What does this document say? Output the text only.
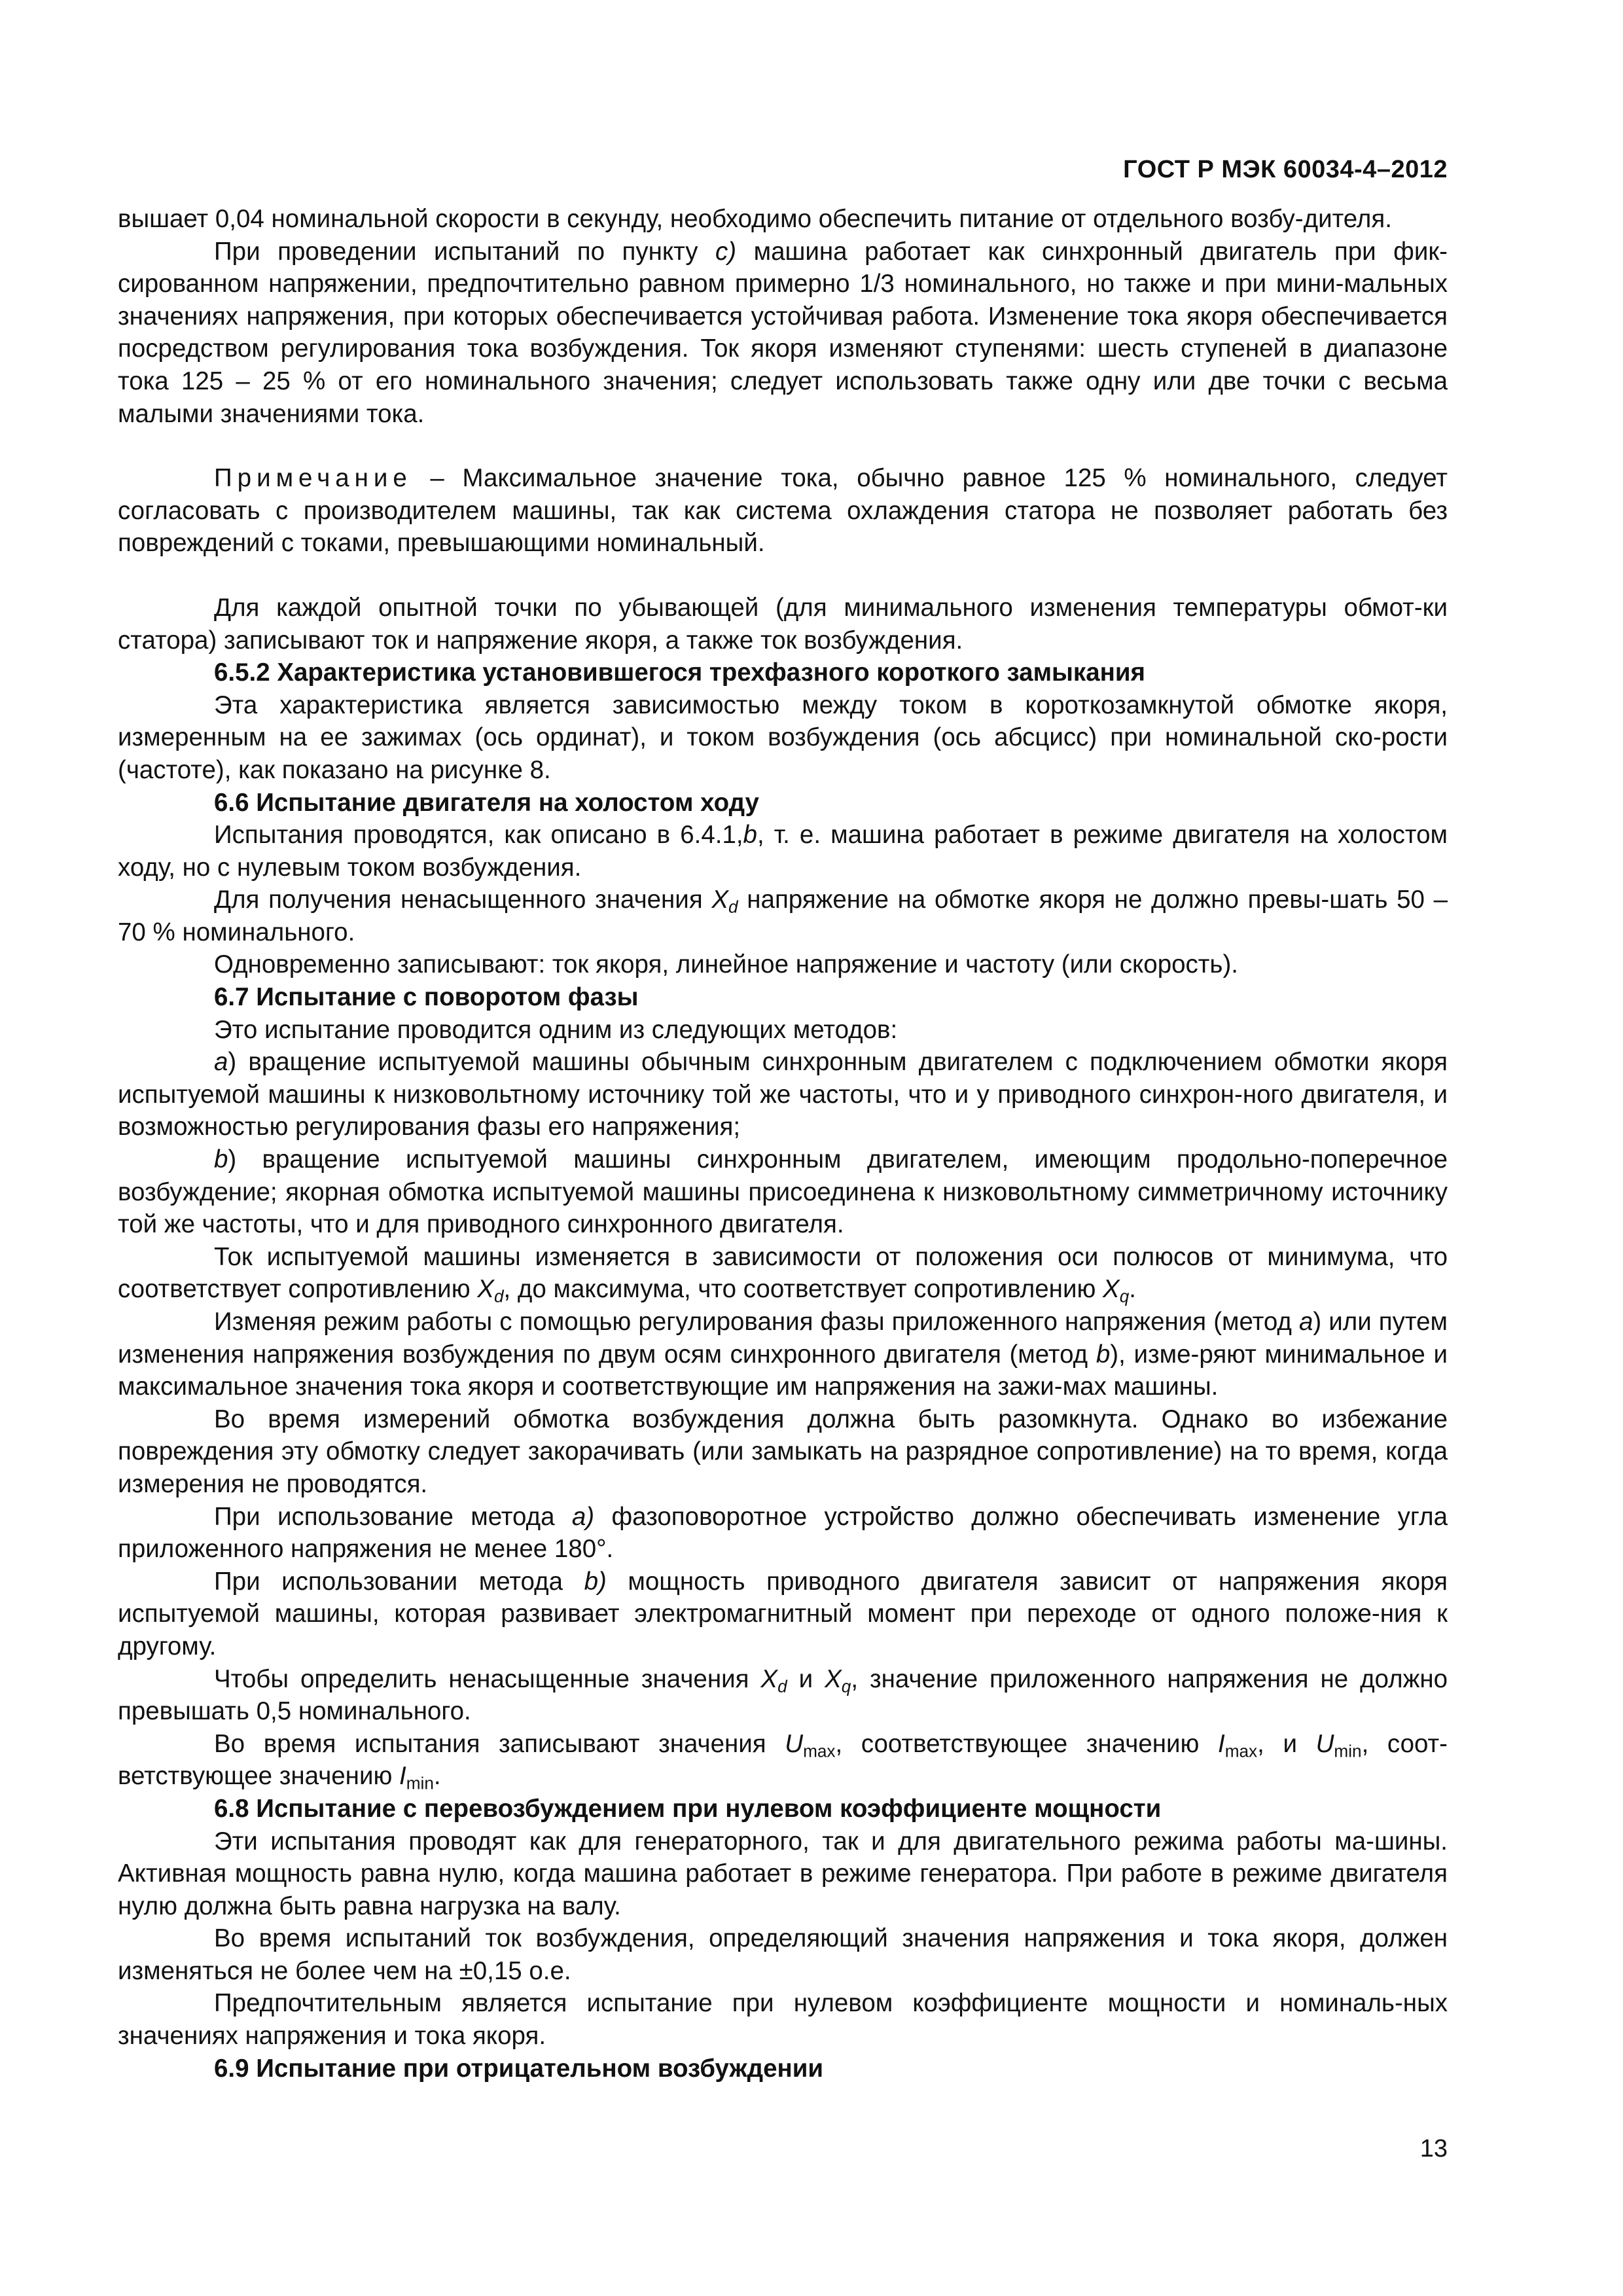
ГОСТ Р МЭК 60034-4–2012

вышает 0,04 номинальной скорости в секунду, необходимо обеспечить питание от отдельного возбу-дителя.

При проведении испытаний по пункту c) машина работает как синхронный двигатель при фик-сированном напряжении, предпочтительно равном примерно 1/3 номинального, но также и при мини-мальных значениях напряжения, при которых обеспечивается устойчивая работа. Изменение тока якоря обеспечивается посредством регулирования тока возбуждения. Ток якоря изменяют ступенями: шесть ступеней в диапазоне тока 125 – 25 % от его номинального значения; следует использовать также одну или две точки с весьма малыми значениями тока.

Примечание – Максимальное значение тока, обычно равное 125 % номинального, следует согласовать с производителем машины, так как система охлаждения статора не позволяет работать без повреждений с токами, превышающими номинальный.

Для каждой опытной точки по убывающей (для минимального изменения температуры обмот-ки статора) записывают ток и напряжение якоря, а также ток возбуждения.

6.5.2 Характеристика установившегося трехфазного короткого замыкания

Эта характеристика является зависимостью между током в короткозамкнутой обмотке якоря, измеренным на ее зажимах (ось ординат), и током возбуждения (ось абсцисс) при номинальной ско-рости (частоте), как показано на рисунке 8.

6.6 Испытание двигателя на холостом ходу

Испытания проводятся, как описано в 6.4.1,b, т. е. машина работает в режиме двигателя на холостом ходу, но с нулевым током возбуждения.

Для получения ненасыщенного значения $X_d$ напряжение на обмотке якоря не должно превы-шать 50 – 70 % номинального.

Одновременно записывают: ток якоря, линейное напряжение и частоту (или скорость).

6.7 Испытание с поворотом фазы

Это испытание проводится одним из следующих методов:

а) вращение испытуемой машины обычным синхронным двигателем с подключением обмотки якоря испытуемой машины к низковольтному источнику той же частоты, что и у приводного синхрон-ного двигателя, и возможностью регулирования фазы его напряжения;

b) вращение испытуемой машины синхронным двигателем, имеющим продольно-поперечное возбуждение; якорная обмотка испытуемой машины присоединена к низковольтному симметричному источнику той же частоты, что и для приводного синхронного двигателя.

Ток испытуемой машины изменяется в зависимости от положения оси полюсов от минимума, что соответствует сопротивлению $X_d$, до максимума, что соответствует сопротивлению $X_q$.

Изменяя режим работы с помощью регулирования фазы приложенного напряжения (метод а) или путем изменения напряжения возбуждения по двум осям синхронного двигателя (метод b), изме-ряют минимальное и максимальное значения тока якоря и соответствующие им напряжения на зажи-мах машины.

Во время измерений обмотка возбуждения должна быть разомкнута. Однако во избежание повреждения эту обмотку следует закорачивать (или замыкать на разрядное сопротивление) на то время, когда измерения не проводятся.

При использование метода а) фазоповоротное устройство должно обеспечивать изменение угла приложенного напряжения не менее 180°.

При использовании метода b) мощность приводного двигателя зависит от напряжения якоря испытуемой машины, которая развивает электромагнитный момент при переходе от одного положе-ния к другому.

Чтобы определить ненасыщенные значения $X_d$ и $X_q$, значение приложенного напряжения не должно превышать 0,5 номинального.

Во время испытания записывают значения $U_{max}$, соответствующее значению $I_{max}$, и $U_{min}$, соот-ветствующее значению $I_{min}$.

6.8 Испытание с перевозбуждением при нулевом коэффициенте мощности

Эти испытания проводят как для генераторного, так и для двигательного режима работы ма-шины. Активная мощность равна нулю, когда машина работает в режиме генератора. При работе в режиме двигателя нулю должна быть равна нагрузка на валу.

Во время испытаний ток возбуждения, определяющий значения напряжения и тока якоря, должен изменяться не более чем на ±0,15 о.е.

Предпочтительным является испытание при нулевом коэффициенте мощности и номиналь-ных значениях напряжения и тока якоря.

6.9 Испытание при отрицательном возбуждении

13
